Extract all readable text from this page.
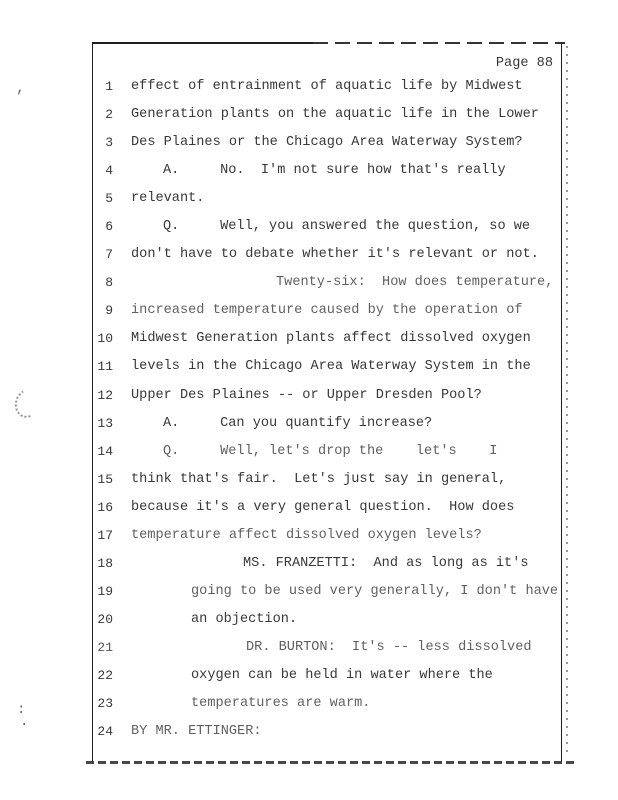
Page 88
1 effect of entrainment of aquatic life by Midwest
2 Generation plants on the aquatic life in the Lower
3 Des Plaines or the Chicago Area Waterway System?
4	A.     No.  I'm not sure how that's really
5 relevant.
6	Q.     Well, you answered the question, so we
7 don't have to debate whether it's relevant or not.
8	Twenty-six:  How does temperature,
9 increased temperature caused by the operation of
10 Midwest Generation plants affect dissolved oxygen
11 levels in the Chicago Area Waterway System in the
12 Upper Des Plaines -- or Upper Dresden Pool?
13	A.     Can you quantify increase?
14	Q.     Well, let's drop the    let's    I
15 think that's fair.  Let's just say in general,
16 because it's a very general question.  How does
17 temperature affect dissolved oxygen levels?
18	MS. FRANZETTI:  And as long as it's
19	going to be used very generally, I don't have
20	an objection.
21	DR. BURTON:  It's -- less dissolved
22	oxygen can be held in water where the
23	temperatures are warm.
24 BY MR. ETTINGER:
,
:
.
